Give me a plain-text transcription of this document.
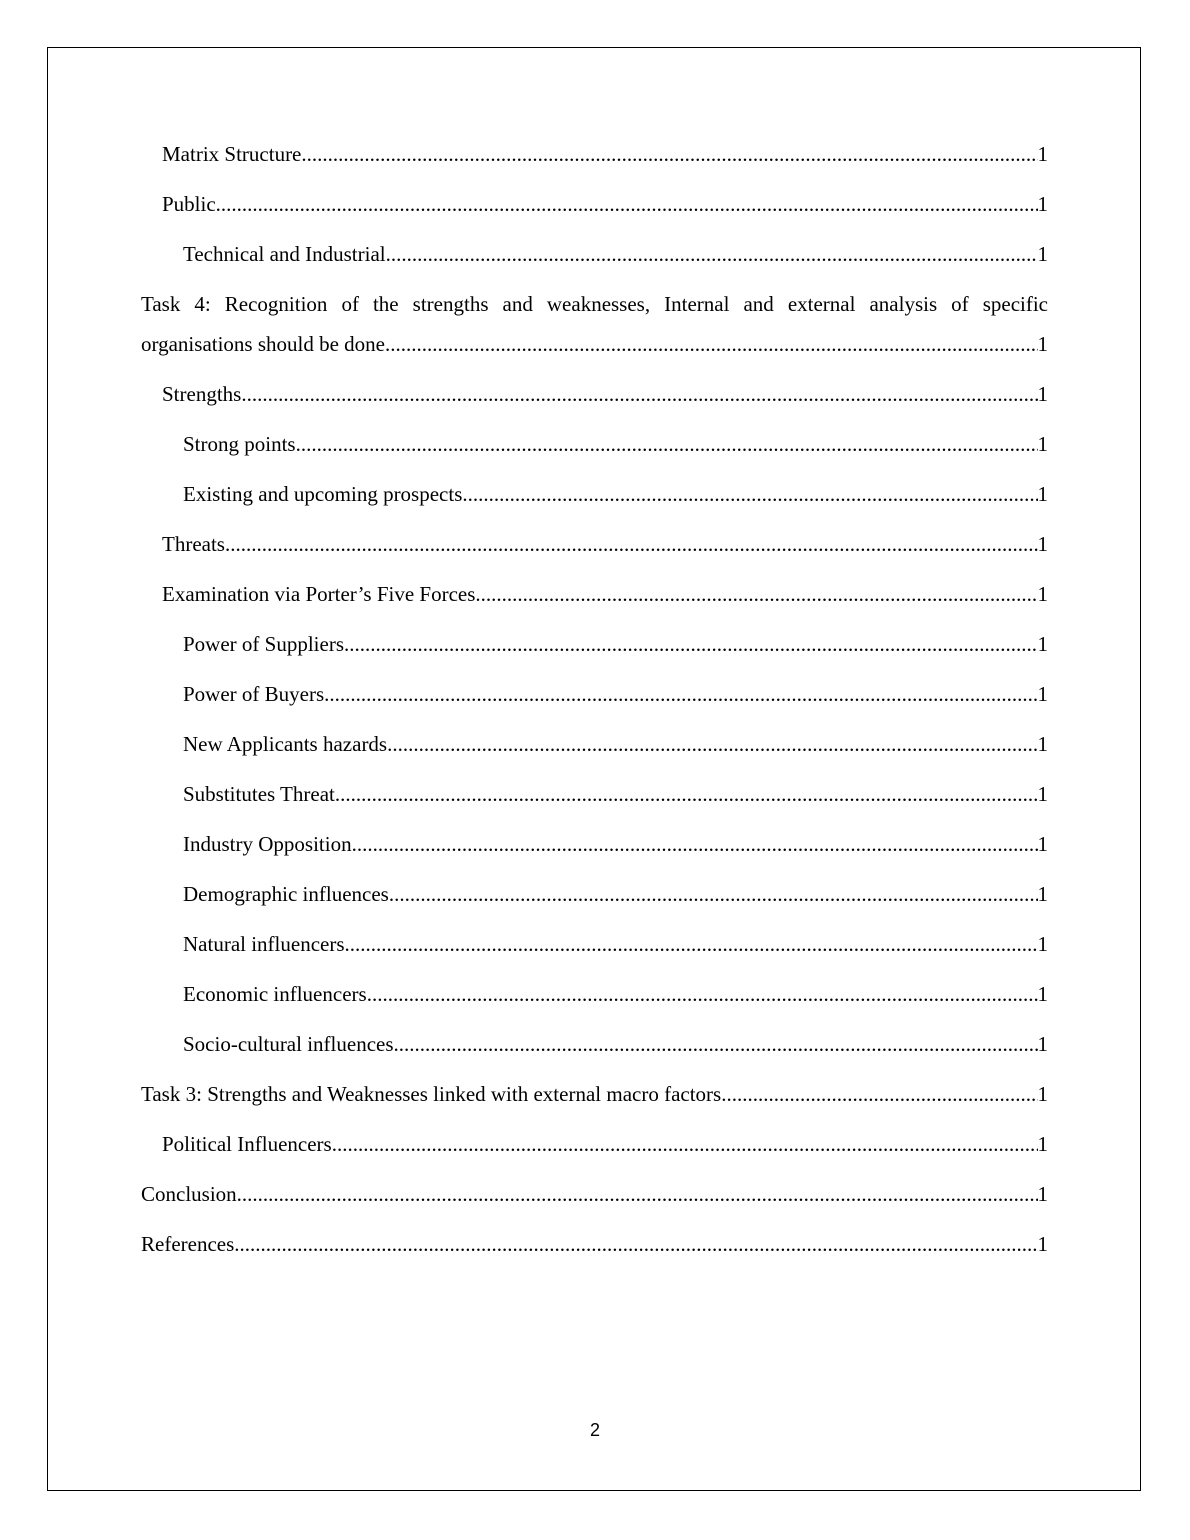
Matrix Structure .....	1
Public .....	1
Technical and Industrial .....	1
Task 4: Recognition of the strengths and weaknesses, Internal and external analysis of specific
organisations should be done .....	1
Strengths .....	1
Strong points .....	1
Existing and upcoming prospects .....	1
Threats .....	1
Examination via Porter’s Five Forces .....	1
Power of Suppliers .....	1
Power of Buyers .....	1
New Applicants hazards .....	1
Substitutes Threat .....	1
Industry Opposition .....	1
Demographic influences .....	1
Natural influencers .....	1
Economic influencers .....	1
Socio-cultural influences .....	1
Task 3: Strengths and Weaknesses linked with external macro factors .....	1
Political Influencers .....	1
Conclusion .....	1
References .....	1
2
